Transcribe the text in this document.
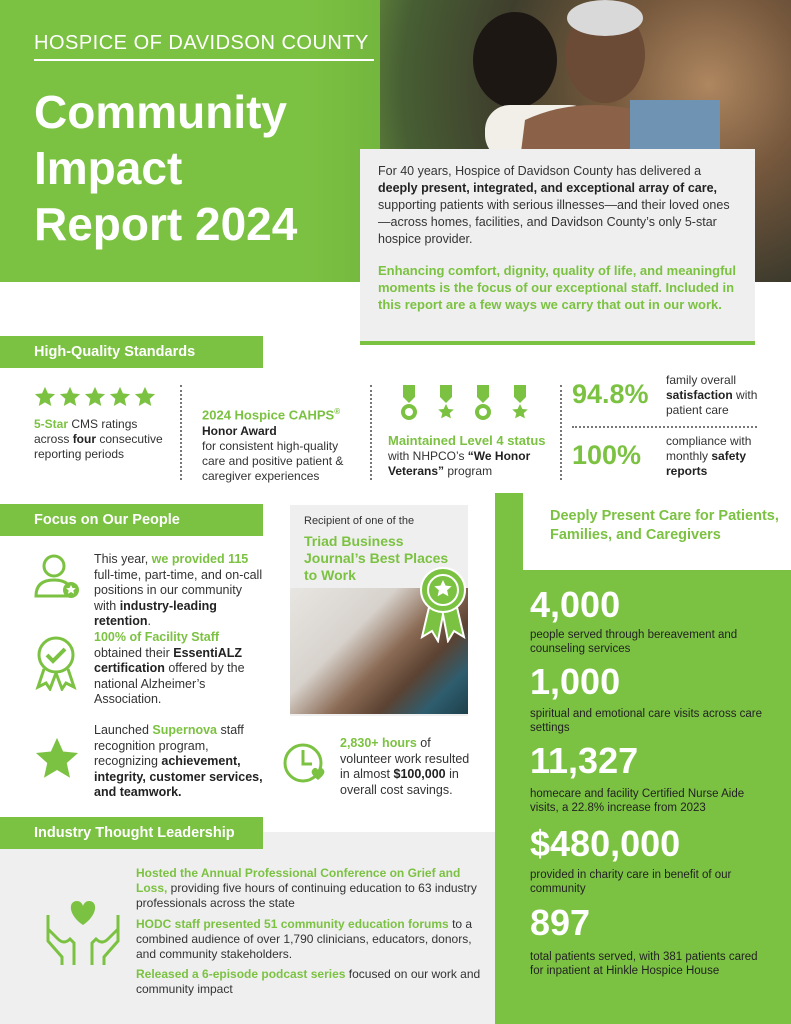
HOSPICE OF DAVIDSON COUNTY
Community
Impact
Report 2024

For 40 years, Hospice of Davidson County has delivered a deeply present, integrated, and exceptional array of care, supporting patients with serious illnesses—and their loved ones—across homes, facilities, and Davidson County’s only 5-star hospice provider.

Enhancing comfort, dignity, quality of life, and meaningful moments is the focus of our exceptional staff. Included in this report are a few ways we carry that out in our work.

High-Quality Standards
5-Star CMS ratings across four consecutive reporting periods
2024 Hospice CAHPS® Honor Award
for consistent high-quality care and positive patient & caregiver experiences
Maintained Level 4 status with NHPCO’s “We Honor Veterans” program
94.8% family overall satisfaction with patient care
100% compliance with monthly safety reports
Focus on Our People
This year, we provided 115 full-time, part-time, and on-call positions in our community with industry-leading retention.
100% of Facility Staff obtained their EssentiALZ certification offered by the national Alzheimer’s Association.
Launched Supernova staff recognition program, recognizing achievement, integrity, customer services, and teamwork.
Recipient of one of the
Triad Business Journal’s Best Places to Work
2,830+ hours of volunteer work resulted in almost $100,000 in overall cost savings.
Deeply Present Care for Patients, Families, and Caregivers
4,000
people served through bereavement and counseling services
1,000
spiritual and emotional care visits across care settings
11,327
homecare and facility Certified Nurse Aide visits, a 22.8% increase from 2023
$480,000
provided in charity care in benefit of our community
897
total patients served, with 381 patients cared for inpatient at Hinkle Hospice House
Industry Thought Leadership
Hosted the Annual Professional Conference on Grief and Loss, providing five hours of continuing education to 63 industry professionals across the state
HODC staff presented 51 community education forums to a combined audience of over 1,790 clinicians, educators, donors, and community stakeholders.
Released a 6-episode podcast series focused on our work and community impact
